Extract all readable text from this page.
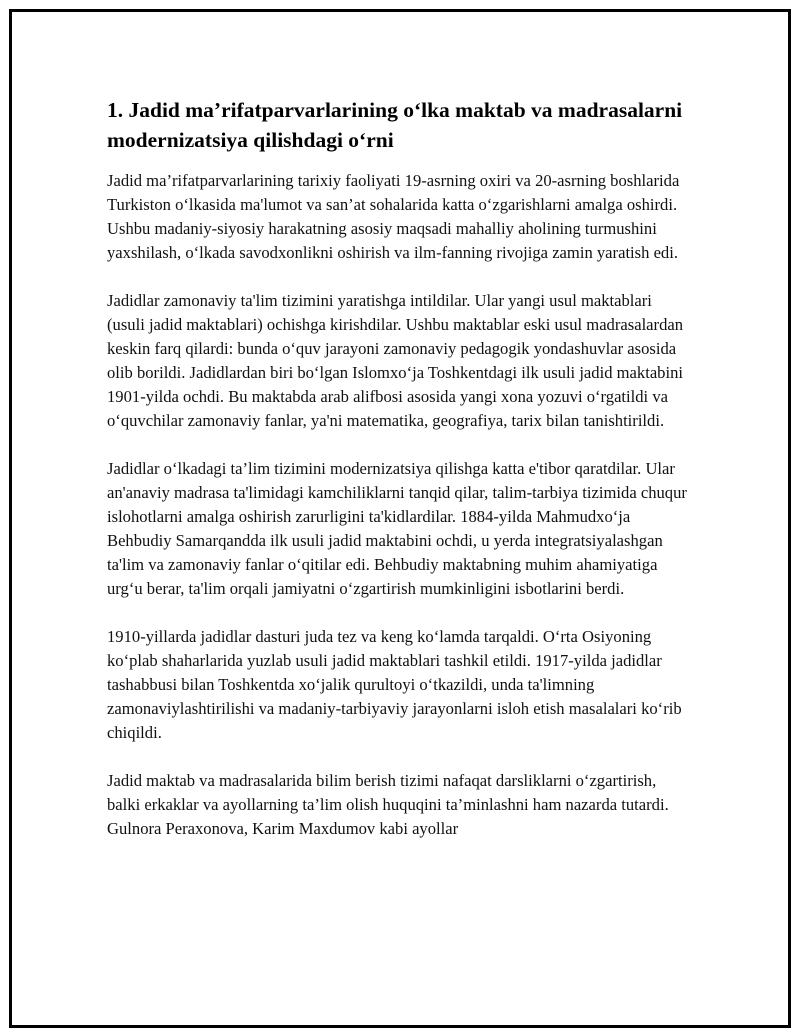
1. Jadid ma’rifatparvarlarining o‘lka maktab va madrasalarni modernizatsiya qilishdagi o‘rni

Jadid ma’rifatparvarlarining tarixiy faoliyati 19-asrning oxiri va 20-asrning boshlarida Turkiston o‘lkasida ma'lumot va san’at sohalarida katta o‘zgarishlarni amalga oshirdi. Ushbu madaniy-siyosiy harakatning asosiy maqsadi mahalliy aholining turmushini yaxshilash, o‘lkada savodxonlikni oshirish va ilm-fanning rivojiga zamin yaratish edi.

Jadidlar zamonaviy ta'lim tizimini yaratishga intildilar. Ular yangi usul maktablari (usuli jadid maktablari) ochishga kirishdilar. Ushbu maktablar eski usul madrasalardan keskin farq qilardi: bunda o‘quv jarayoni zamonaviy pedagogik yondashuvlar asosida olib borildi. Jadidlardan biri bo‘lgan Islomxo‘ja Toshkentdagi ilk usuli jadid maktabini 1901-yilda ochdi. Bu maktabda arab alifbosi asosida yangi xona yozuvi o‘rgatildi va o‘quvchilar zamonaviy fanlar, ya'ni matematika, geografiya, tarix bilan tanishtirildi.

Jadidlar o‘lkadagi ta’lim tizimini modernizatsiya qilishga katta e'tibor qaratdilar. Ular an'anaviy madrasa ta'limidagi kamchiliklarni tanqid qilar, talim-tarbiya tizimida chuqur islohotlarni amalga oshirish zarurligini ta'kidlardilar. 1884-yilda Mahmudxo‘ja Behbudiy Samarqandda ilk usuli jadid maktabini ochdi, u yerda integratsiyalashgan ta'lim va zamonaviy fanlar o‘qitilar edi. Behbudiy maktabning muhim ahamiyatiga urg‘u berar, ta'lim orqali jamiyatni o‘zgartirish mumkinligini isbotlarini berdi.

1910-yillarda jadidlar dasturi juda tez va keng ko‘lamda tarqaldi. O‘rta Osiyoning ko‘plab shaharlarida yuzlab usuli jadid maktablari tashkil etildi. 1917-yilda jadidlar tashabbusi bilan Toshkentda xo‘jalik qurultoyi o‘tkazildi, unda ta'limning zamonaviylashtirilishi va madaniy-tarbiyaviy jarayonlarni isloh etish masalalari ko‘rib chiqildi.

Jadid maktab va madrasalarida bilim berish tizimi nafaqat darsliklarni o‘zgartirish, balki erkaklar va ayollarning ta’lim olish huquqini ta’minlashni ham nazarda tutardi. Gulnora Peraxonova, Karim Maxdumov kabi ayollar
